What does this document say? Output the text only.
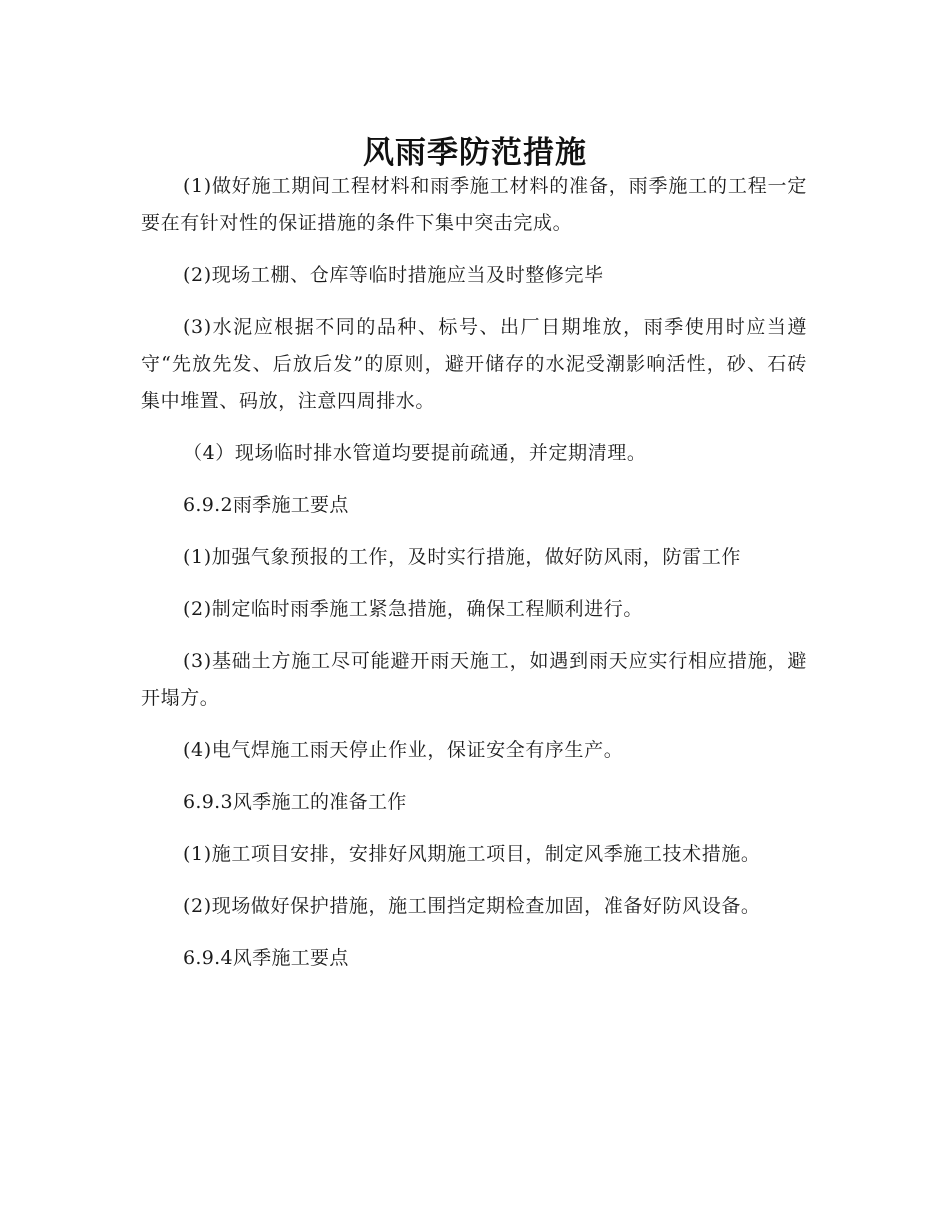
风雨季防范措施

(1)做好施工期间工程材料和雨季施工材料的准备，雨季施工的工程一定要在有针对性的保证措施的条件下集中突击完成。

(2)现场工棚、仓库等临时措施应当及时整修完毕

(3)水泥应根据不同的品种、标号、出厂日期堆放，雨季使用时应当遵守“先放先发、后放后发”的原则，避开储存的水泥受潮影响活性，砂、石砖集中堆置、码放，注意四周排水。

（4）现场临时排水管道均要提前疏通，并定期清理。

6.9.2雨季施工要点

(1)加强气象预报的工作，及时实行措施，做好防风雨，防雷工作

(2)制定临时雨季施工紧急措施，确保工程顺利进行。

(3)基础土方施工尽可能避开雨天施工，如遇到雨天应实行相应措施，避开塌方。

(4)电气焊施工雨天停止作业，保证安全有序生产。

6.9.3风季施工的准备工作

(1)施工项目安排，安排好风期施工项目，制定风季施工技术措施。

(2)现场做好保护措施，施工围挡定期检查加固，准备好防风设备。

6.9.4风季施工要点
